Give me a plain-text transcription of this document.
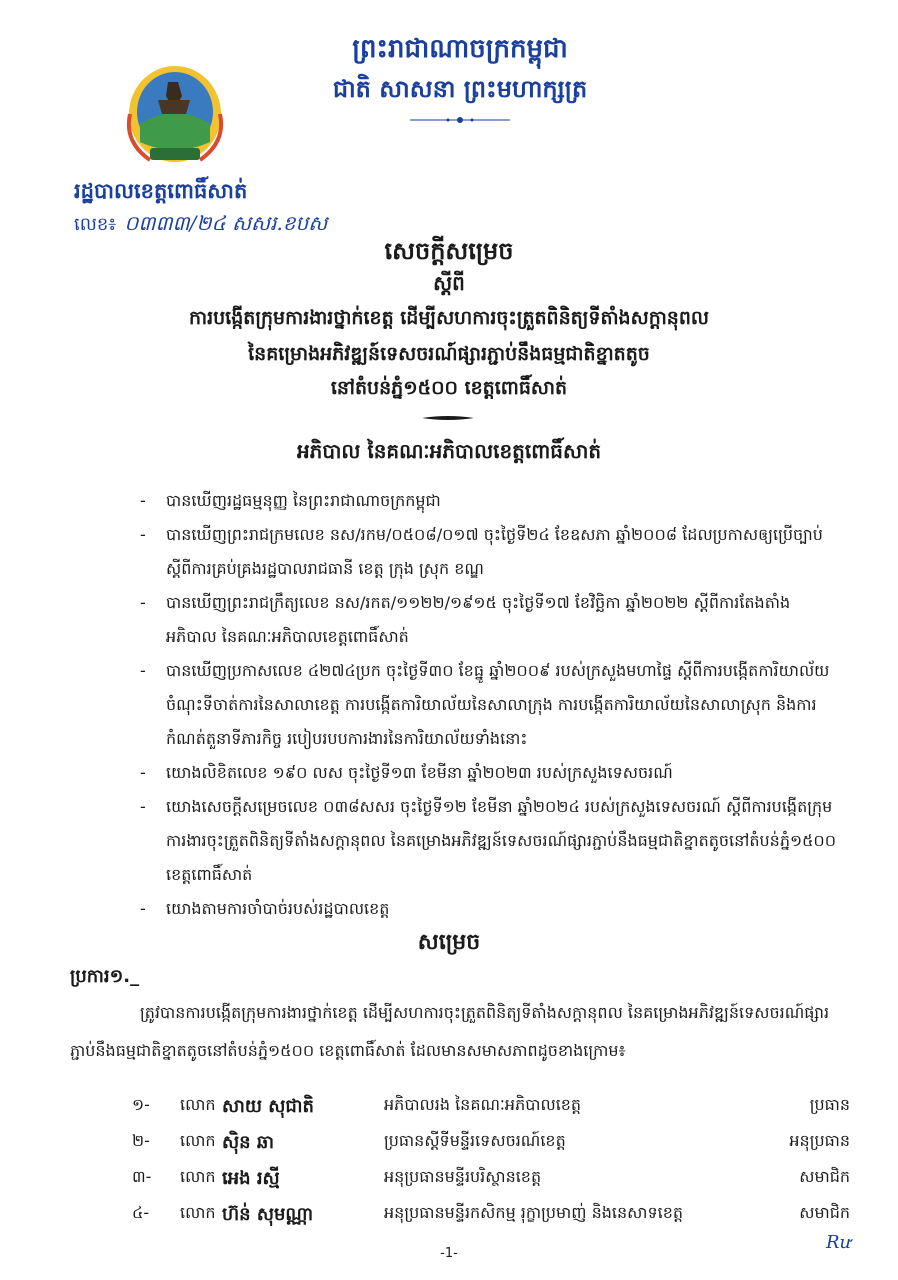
ព្រះរាជាណាចក្រកម្ពុជា
ជាតិ សាសនា ព្រះមហាក្សត្រ
រដ្ឋបាលខេត្តពោធិ៍សាត់
លេខ៖ ០៣៣៣/២៤ សសរ.ខបស
សេចក្តីសម្រេច
ស្តីពី
ការបង្កើតក្រុមការងារថ្នាក់ខេត្ត ដើម្បីសហការចុះត្រួតពិនិត្យទីតាំងសក្តានុពល
នៃគម្រោងអភិវឌ្ឍន៍ទេសចរណ៍ផ្សារភ្ជាប់នឹងធម្មជាតិខ្នាតតូច
នៅតំបន់ភ្នំ១៥០០ ខេត្តពោធិ៍សាត់
អភិបាល នៃគណៈអភិបាលខេត្តពោធិ៍សាត់
- បានឃើញរដ្ឋធម្មនុញ្ញ នៃព្រះរាជាណាចក្រកម្ពុជា
- បានឃើញព្រះរាជក្រមលេខ នស/រកម/០៥០៨/០១៧ ចុះថ្ងៃទី២៤ ខែឧសភា ឆ្នាំ២០០៨ ដែលប្រកាសឲ្យប្រើច្បាប់ស្តីពីការគ្រប់គ្រងរដ្ឋបាលរាជធានី ខេត្ត ក្រុង ស្រុក ខណ្ឌ
- បានឃើញព្រះរាជក្រឹត្យលេខ នស/រកត/១១២២/១៩១៥ ចុះថ្ងៃទី១៧ ខែវិច្ឆិកា ឆ្នាំ២០២២ ស្តីពីការតែងតាំងអភិបាល នៃគណៈអភិបាលខេត្តពោធិ៍សាត់
- បានឃើញប្រកាសលេខ ៤២៧៤ប្រក ចុះថ្ងៃទី៣០ ខែធ្នូ ឆ្នាំ២០០៩ របស់ក្រសួងមហាផ្ទៃ ស្តីពីការបង្កើតការិយាល័យចំណុះទីចាត់ការនៃសាលាខេត្ត ការបង្កើតការិយាល័យនៃសាលាក្រុង ការបង្កើតការិយាល័យនៃសាលាស្រុក និងការកំណត់តួនាទីភារកិច្ច របៀបរបបការងារនៃការិយាល័យទាំងនោះ
- យោងលិខិតលេខ ១៩០ លស ចុះថ្ងៃទី១៣ ខែមីនា ឆ្នាំ២០២៣ របស់ក្រសួងទេសចរណ៍
- យោងសេចក្តីសម្រេចលេខ ០៣៨សសរ ចុះថ្ងៃទី១២ ខែមីនា ឆ្នាំ២០២៤ របស់ក្រសួងទេសចរណ៍ ស្តីពីការបង្កើតក្រុមការងារចុះត្រួតពិនិត្យទីតាំងសក្តានុពល នៃគម្រោងអភិវឌ្ឍន៍ទេសចរណ៍ផ្សារភ្ជាប់នឹងធម្មជាតិខ្នាតតូចនៅតំបន់ភ្នំ១៥០០ ខេត្តពោធិ៍សាត់
- យោងតាមការចាំបាច់របស់រដ្ឋបាលខេត្ត
សម្រេច
ប្រការ១._
ត្រូវបានការបង្កើតក្រុមការងារថ្នាក់ខេត្ត ដើម្បីសហការចុះត្រួតពិនិត្យទីតាំងសក្តានុពល នៃគម្រោងអភិវឌ្ឍន៍ទេសចរណ៍ផ្សារភ្ជាប់នឹងធម្មជាតិខ្នាតតូចនៅតំបន់ភ្នំ១៥០០ ខេត្តពោធិ៍សាត់ ដែលមានសមាសភាពដូចខាងក្រោម៖
១- លោក សាយ សុជាតិ	អភិបាលរង នៃគណៈអភិបាលខេត្ត	ប្រធាន
២- លោក ស៊ិន ឆា	ប្រធានស្តីទីមន្ទីរទេសចរណ៍ខេត្ត	អនុប្រធាន
៣- លោក អេង រស្មី	អនុប្រធានមន្ទីរបរិស្ថានខេត្ត	សមាជិក
៤- លោក ហ៊ន់ សុមណ្ណា	អនុប្រធានមន្ទីរកសិកម្ម រុក្ខាប្រមាញ់ និងនេសាទខេត្ត	សមាជិក
-1-
Rư
